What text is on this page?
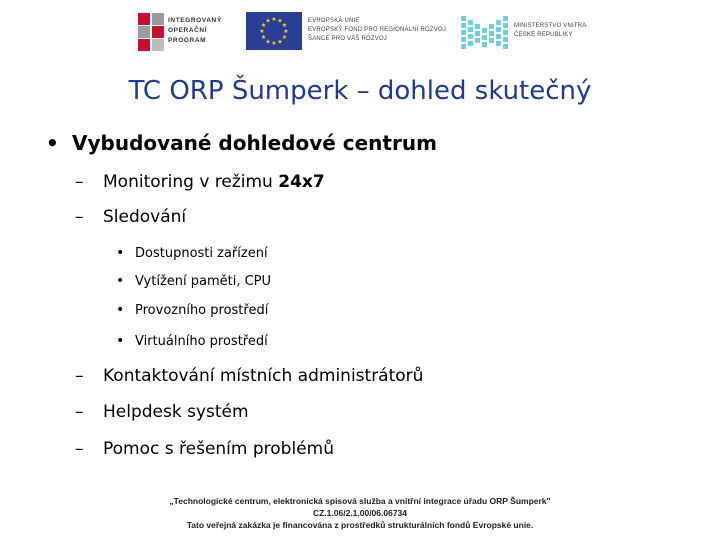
INTEGROVANÝ
OPERAČNÍ
PROGRAM
★ ★
★
★
★
★
★
★
★
★
★
★	EVROPSKÁ UNIE
EVROPSKÝ FOND PRO REGIONÁLNÍ ROZVOJ
ŠANCE PRO VÁŠ ROZVOJ
MINISTERSTVO VNITRA
ČESKÉ REPUBLIKY
TC ORP Šumperk – dohled skutečný
• Vybudované dohledové centrum
– Monitoring v režimu 24x7
– Sledování
• Dostupnosti zařízení
• Vytížení paměti, CPU
• Provozního prostředí
• Virtuálního prostředí
– Kontaktování místních administrátorů
– Helpdesk systém
– Pomoc s řešením problémů
„Technologické centrum, elektronická spisová služba a vnitřní integrace úřadu ORP Šumperk"
CZ.1.06/2.1.00/06.06734
Tato veřejná zakázka je financována z prostředků strukturálních fondů Evropské unie.
